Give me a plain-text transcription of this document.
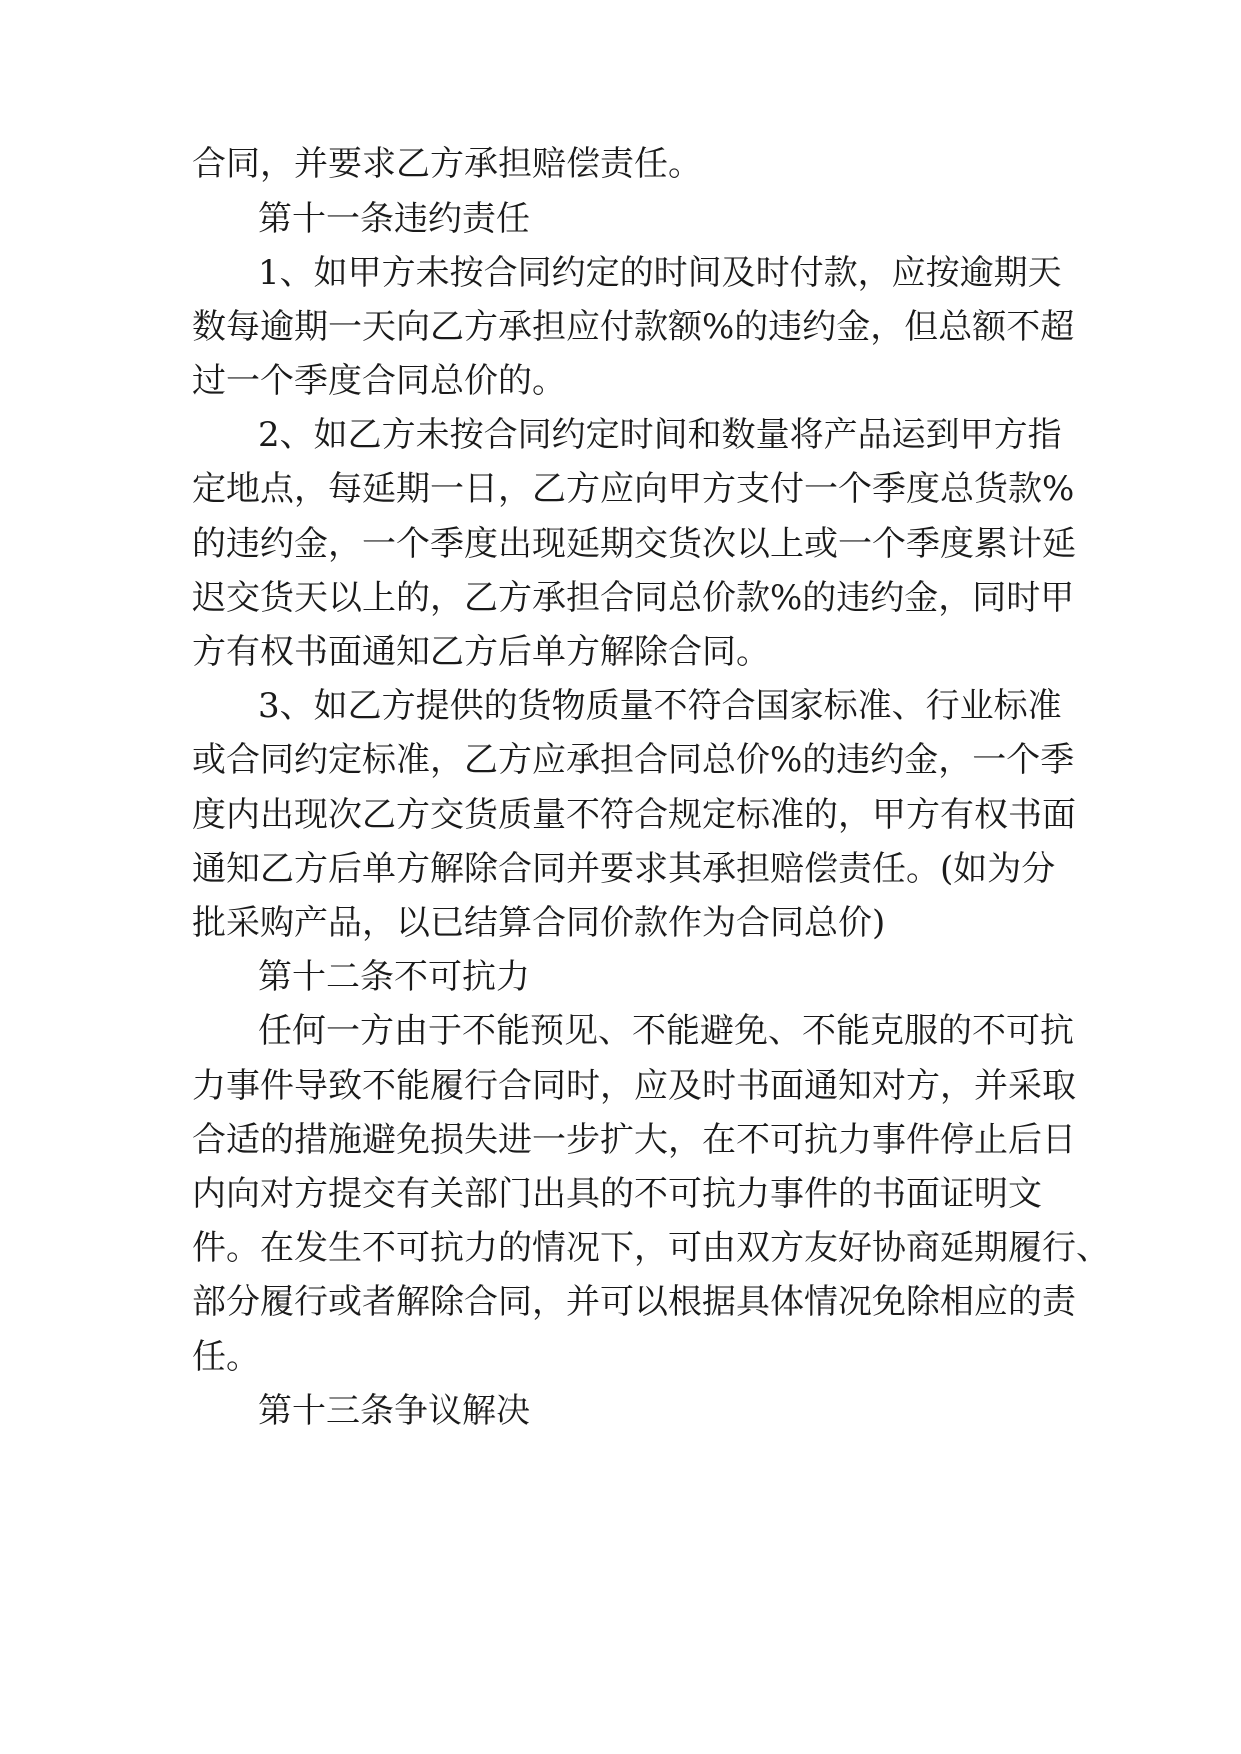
合同，并要求乙方承担赔偿责任。
第十一条违约责任
1、如甲方未按合同约定的时间及时付款，应按逾期天
数每逾期一天向乙方承担应付款额%的违约金，但总额不超
过一个季度合同总价的。
2、如乙方未按合同约定时间和数量将产品运到甲方指
定地点，每延期一日，乙方应向甲方支付一个季度总货款%
的违约金，一个季度出现延期交货次以上或一个季度累计延
迟交货天以上的，乙方承担合同总价款%的违约金，同时甲
方有权书面通知乙方后单方解除合同。
3、如乙方提供的货物质量不符合国家标准、行业标准
或合同约定标准，乙方应承担合同总价%的违约金，一个季
度内出现次乙方交货质量不符合规定标准的，甲方有权书面
通知乙方后单方解除合同并要求其承担赔偿责任。(如为分
批采购产品，以已结算合同价款作为合同总价)
第十二条不可抗力
任何一方由于不能预见、不能避免、不能克服的不可抗
力事件导致不能履行合同时，应及时书面通知对方，并采取
合适的措施避免损失进一步扩大，在不可抗力事件停止后日
内向对方提交有关部门出具的不可抗力事件的书面证明文
件。在发生不可抗力的情况下，可由双方友好协商延期履行、
部分履行或者解除合同，并可以根据具体情况免除相应的责
任。
第十三条争议解决
